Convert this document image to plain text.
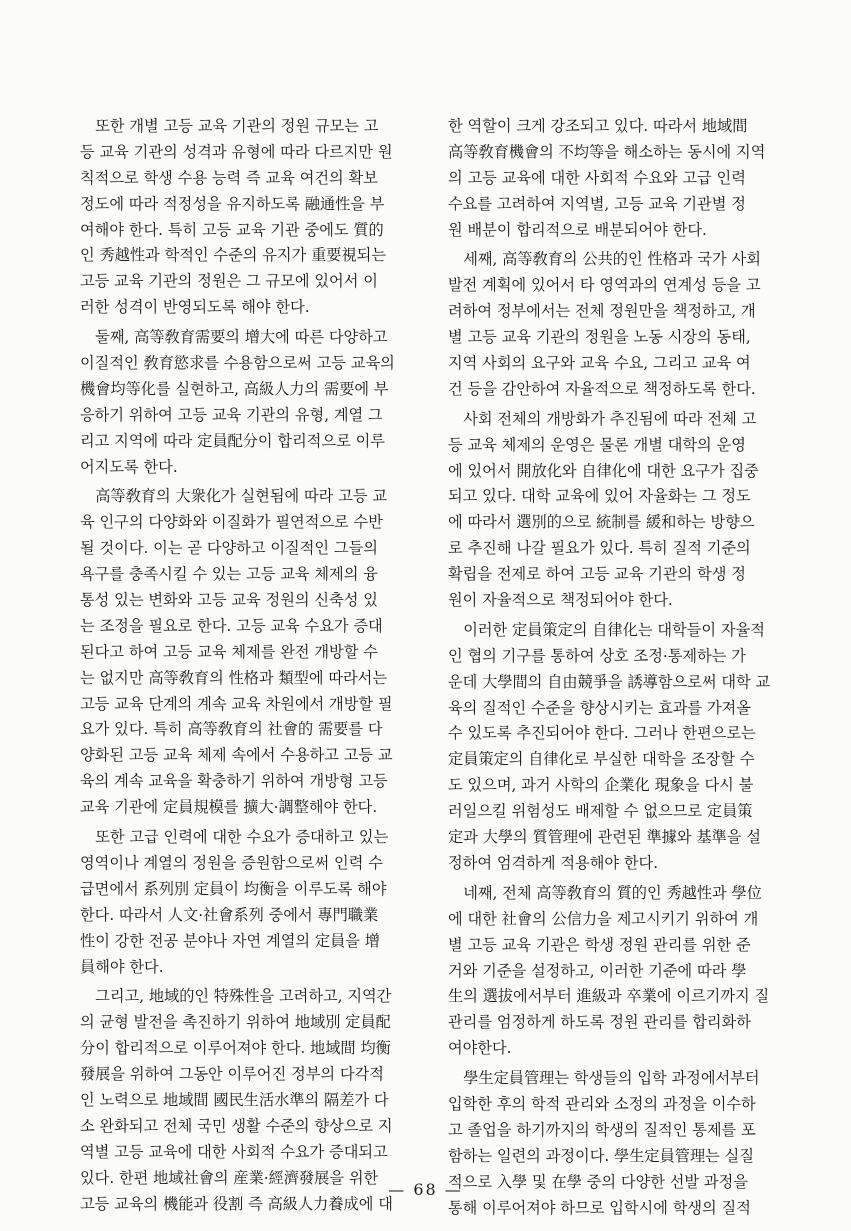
　또한 개별 고등 교육 기관의 정원 규모는 고
등 교육 기관의 성격과 유형에 따라 다르지만 원
칙적으로 학생 수용 능력 즉 교육 여건의 확보
정도에 따라 적정성을 유지하도록 融通性을 부
여해야 한다. 특히 고등 교육 기관 중에도 質的
인 秀越性과 학적인 수준의 유지가 重要視되는
고등 교육 기관의 정원은 그 규모에 있어서 이
러한 성격이 반영되도록 해야 한다.
　둘째, 高等敎育需要의 增大에 따른 다양하고
이질적인 敎育慾求를 수용함으로써 고등 교육의
機會均等化를 실현하고, 高級人力의 需要에 부
응하기 위하여 고등 교육 기관의 유형, 계열 그
리고 지역에 따라 定員配分이 합리적으로 이루
어지도록 한다.
　高等敎育의 大衆化가 실현됨에 따라 고등 교
육 인구의 다양화와 이질화가 필연적으로 수반
될 것이다. 이는 곧 다양하고 이질적인 그들의
욕구를 충족시킬 수 있는 고등 교육 체제의 융
통성 있는 변화와 고등 교육 정원의 신축성 있
는 조정을 필요로 한다. 고등 교육 수요가 증대
된다고 하여 고등 교육 체제를 완전 개방할 수
는 없지만 高等敎育의 性格과 類型에 따라서는
고등 교육 단계의 계속 교육 차원에서 개방할 필
요가 있다. 특히 高等敎育의 社會的 需要를 다
양화된 고등 교육 체제 속에서 수용하고 고등 교
육의 계속 교육을 확충하기 위하여 개방형 고등
교육 기관에 定員規模를 擴大·調整해야 한다.
　또한 고급 인력에 대한 수요가 증대하고 있는
영역이나 계열의 정원을 증원함으로써 인력 수
급면에서 系列別 定員이 均衡을 이루도록 해야
한다. 따라서 人文·社會系列 중에서 專門職業
性이 강한 전공 분야나 자연 계열의 定員을 增
員해야 한다.
　그리고, 地域的인 特殊性을 고려하고, 지역간
의 균형 발전을 촉진하기 위하여 地域別 定員配
分이 합리적으로 이루어져야 한다. 地域間 均衡
發展을 위하여 그동안 이루어진 정부의 다각적
인 노력으로 地域間 國民生活水準의 隔差가 다
소 완화되고 전체 국민 생활 수준의 향상으로 지
역별 고등 교육에 대한 사회적 수요가 증대되고
있다. 한편 地域社會의 産業·經濟發展을 위한
고등 교육의 機能과 役割 즉 高級人力養成에 대
한 역할이 크게 강조되고 있다. 따라서 地域間
高等敎育機會의 不均等을 해소하는 동시에 지역
의 고등 교육에 대한 사회적 수요와 고급 인력
수요를 고려하여 지역별, 고등 교육 기관별 정
원 배분이 합리적으로 배분되어야 한다.
　세째, 高等敎育의 公共的인 性格과 국가 사회
발전 계획에 있어서 타 영역과의 연계성 등을 고
려하여 정부에서는 전체 정원만을 책정하고, 개
별 고등 교육 기관의 정원을 노동 시장의 동태,
지역 사회의 요구와 교육 수요, 그리고 교육 여
건 등을 감안하여 자율적으로 책정하도록 한다.
　사회 전체의 개방화가 추진됨에 따라 전체 고
등 교육 체제의 운영은 물론 개별 대학의 운영
에 있어서 開放化와 自律化에 대한 요구가 집중
되고 있다. 대학 교육에 있어 자율화는 그 정도
에 따라서 選別的으로 統制를 緩和하는 방향으
로 추진해 나갈 필요가 있다. 특히 질적 기준의
확립을 전제로 하여 고등 교육 기관의 학생 정
원이 자율적으로 책정되어야 한다.
　이러한 定員策定의 自律化는 대학들이 자율적
인 협의 기구를 통하여 상호 조정·통제하는 가
운데 大學間의 自由競爭을 誘導함으로써 대학 교
육의 질적인 수준을 향상시키는 효과를 가져올
수 있도록 추진되어야 한다. 그러나 한편으로는
定員策定의 自律化로 부실한 대학을 조장할 수
도 있으며, 과거 사학의 企業化 現象을 다시 불
러일으킬 위험성도 배제할 수 없으므로 定員策
定과 大學의 質管理에 관련된 準據와 基準을 설
정하여 엄격하게 적용해야 한다.
　네째, 전체 高等敎育의 質的인 秀越性과 學位
에 대한 社會의 公信力을 제고시키기 위하여 개
별 고등 교육 기관은 학생 정원 관리를 위한 준
거와 기준을 설정하고, 이러한 기준에 따라 學
生의 選拔에서부터 進級과 卒業에 이르기까지 질
관리를 엄정하게 하도록 정원 관리를 합리화하
여야한다.
　學生定員管理는 학생들의 입학 과정에서부터
입학한 후의 학적 관리와 소정의 과정을 이수하
고 졸업을 하기까지의 학생의 질적인 통제를 포
함하는 일련의 과정이다. 學生定員管理는 실질
적으로 入學 및 在學 중의 다양한 선발 과정을
통해 이루어져야 하므로 입학시에 학생의 질적
— 68 —
